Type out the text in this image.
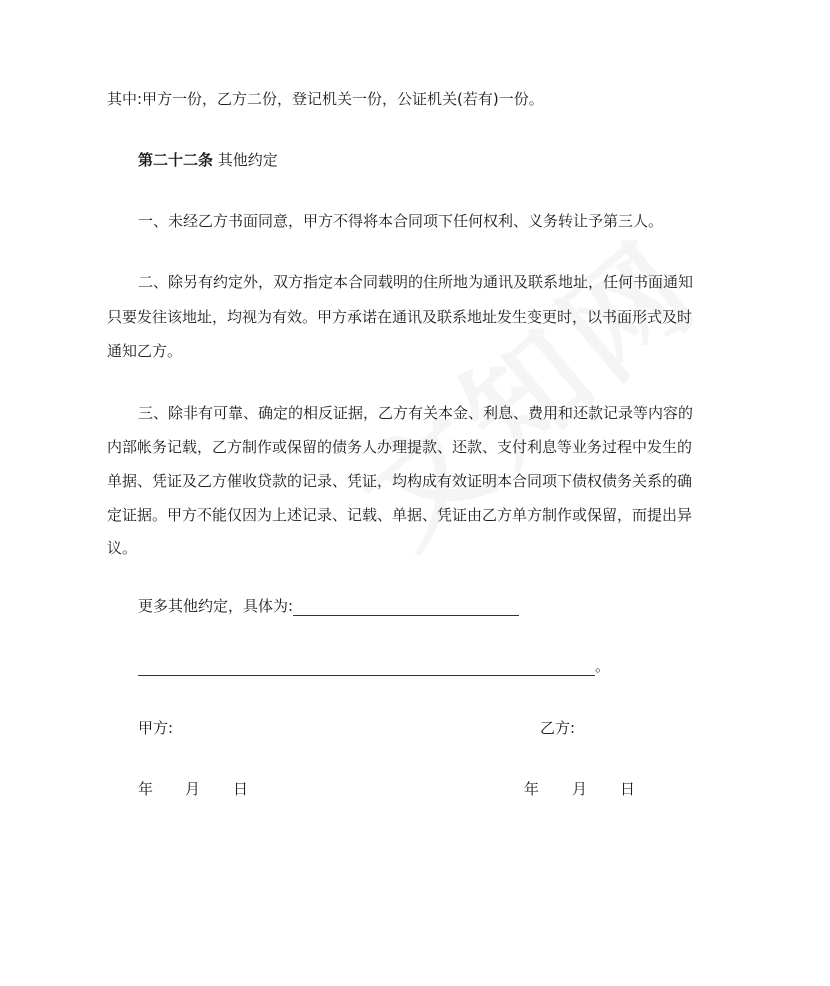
其中:甲方一份，乙方二份，登记机关一份，公证机关(若有)一份。
第二十二条 其他约定
一、未经乙方书面同意，甲方不得将本合同项下任何权利、义务转让予第三人。
二、除另有约定外，双方指定本合同载明的住所地为通讯及联系地址，任何书面通知
只要发往该地址，均视为有效。甲方承诺在通讯及联系地址发生变更时，以书面形式及时
通知乙方。
三、除非有可靠、确定的相反证据，乙方有关本金、利息、费用和还款记录等内容的
内部帐务记载，乙方制作或保留的债务人办理提款、还款、支付利息等业务过程中发生的
单据、凭证及乙方催收贷款的记录、凭证，均构成有效证明本合同项下债权债务关系的确
定证据。甲方不能仅因为上述记录、记载、单据、凭证由乙方单方制作或保留，而提出异
议。
更多其他约定，具体为:
。
甲方:	乙方:
年 月 日	年 月 日
